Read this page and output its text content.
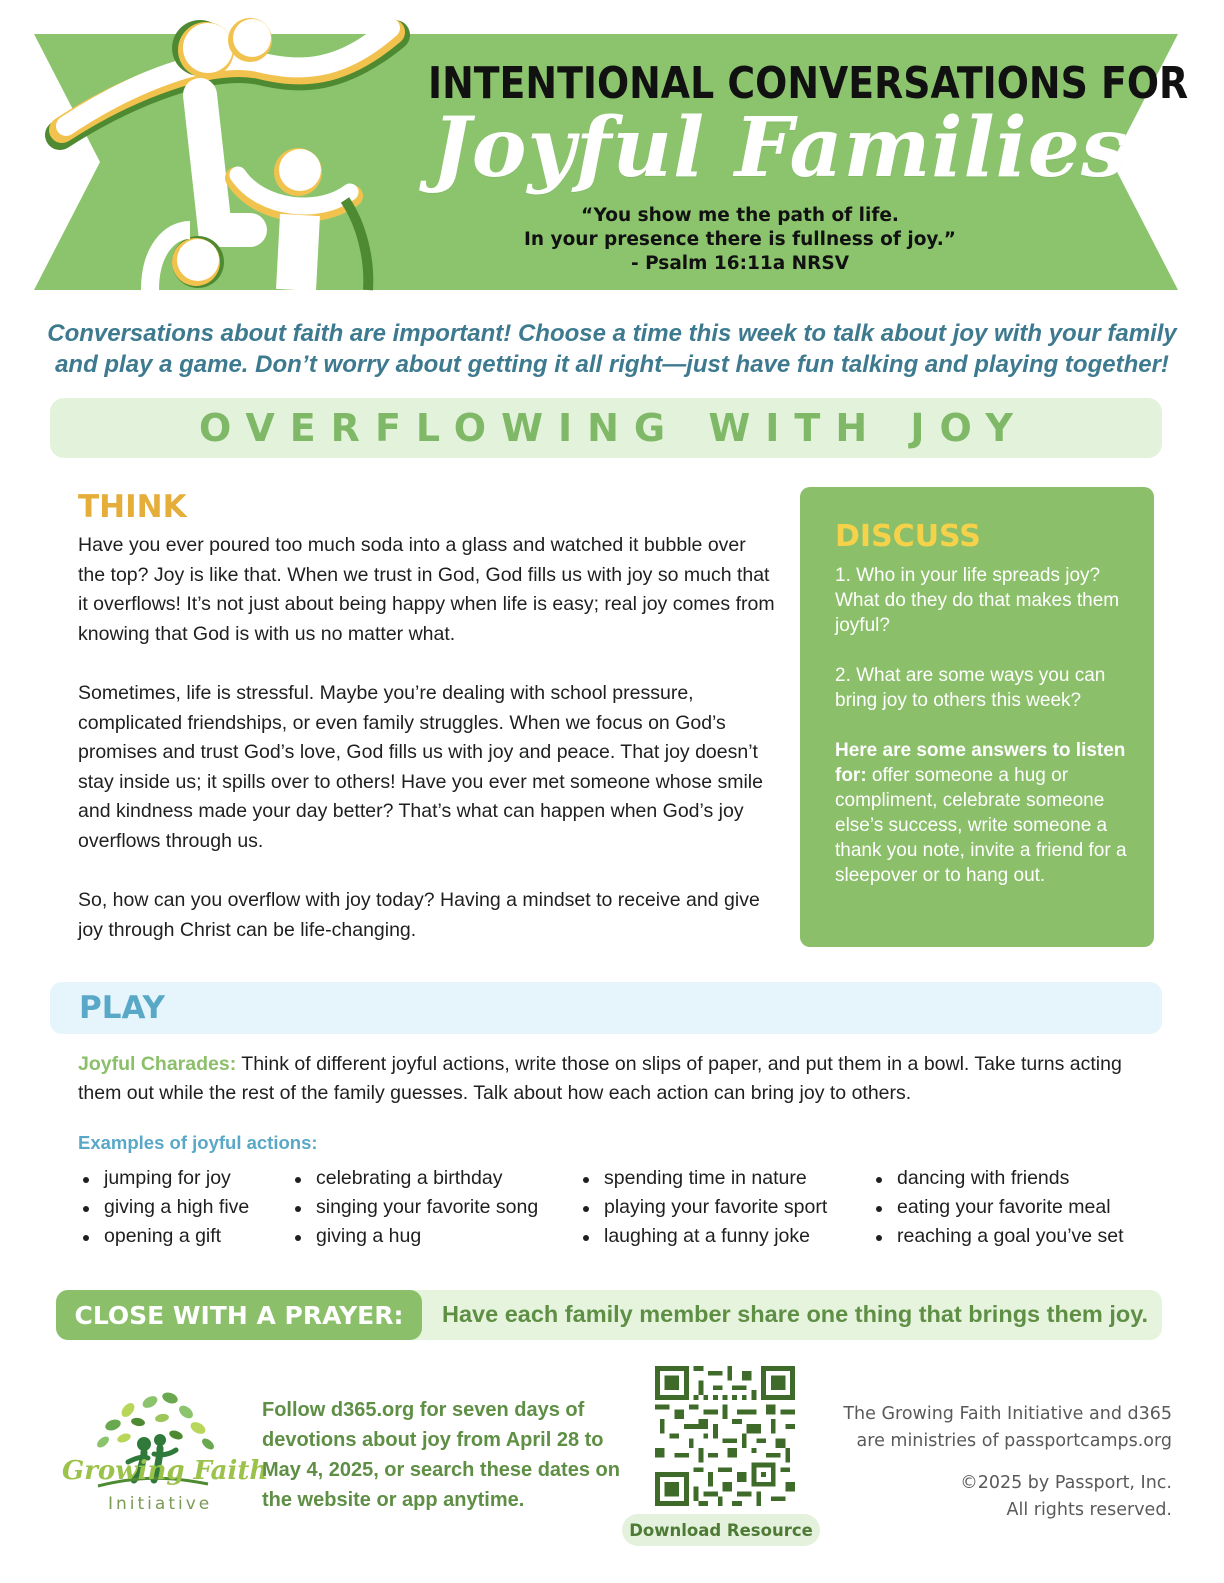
INTENTIONAL CONVERSATIONS FOR
Joyful Families
“You show me the path of life.
In your presence there is fullness of joy.”
- Psalm 16:11a NRSV
Conversations about faith are important! Choose a time this week to talk about joy with your family
and play a game. Don’t worry about getting it all right—just have fun talking and playing together!
OVERFLOWING WITH JOY
THINK

Have you ever poured too much soda into a glass and watched it bubble over the top? Joy is like that. When we trust in God, God fills us with joy so much that it overflows! It’s not just about being happy when life is easy; real joy comes from knowing that God is with us no matter what.

Sometimes, life is stressful. Maybe you’re dealing with school pressure, complicated friendships, or even family struggles. When we focus on God’s promises and trust God’s love, God fills us with joy and peace. That joy doesn’t stay inside us; it spills over to others! Have you ever met someone whose smile and kindness made your day better? That’s what can happen when God’s joy overflows through us.

So, how can you overflow with joy today? Having a mindset to receive and give joy through Christ can be life-changing.

DISCUSS

1. Who in your life spreads joy? What do they do that makes them joyful?

2. What are some ways you can bring joy to others this week?

Here are some answers to listen for: offer someone a hug or compliment, celebrate someone else’s success, write someone a thank you note, invite a friend for a sleepover or to hang out.

PLAY
Joyful Charades: Think of different joyful actions, write those on slips of paper, and put them in a bowl. Take turns acting them out while the rest of the family guesses. Talk about how each action can bring joy to others.
Examples of joyful actions:
jumping for joy
giving a high five
opening a gift
celebrating a birthday
singing your favorite song
giving a hug
spending time in nature
playing your favorite sport
laughing at a funny joke
dancing with friends
eating your favorite meal
reaching a goal you’ve set
CLOSE WITH A PRAYER: Have each family member share one thing that brings them joy.
Growing Faith
Initiative
Follow d365.org for seven days of devotions about joy from April 28 to May 4, 2025, or search these dates on the website or app anytime.
Download Resource
The Growing Faith Initiative and d365
are ministries of passportcamps.org
©2025 by Passport, Inc.
All rights reserved.
